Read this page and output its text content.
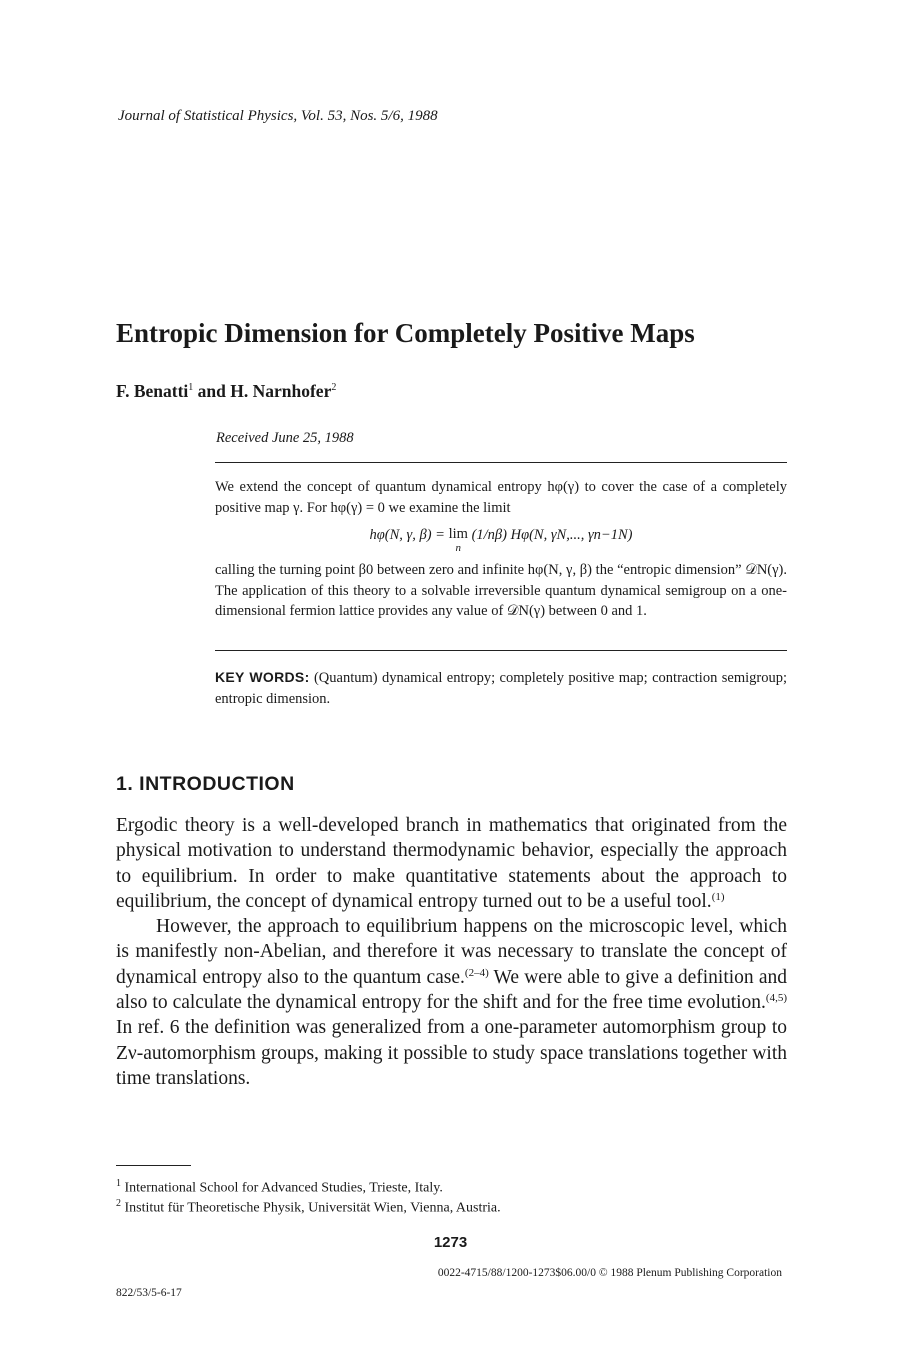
Journal of Statistical Physics, Vol. 53, Nos. 5/6, 1988
Entropic Dimension for Completely Positive Maps
F. Benatti$^1$ and H. Narnhofer$^2$
Received June 25, 1988

We extend the concept of quantum dynamical entropy hφ(γ) to cover the case of a completely positive map γ. For hφ(γ) = 0 we examine the limit

hφ(N, γ, β) = lim
n
(1/nβ) Hφ(N, γN,..., γn−1N)

calling the turning point β0 between zero and infinite hφ(N, γ, β) the “entropic dimension” 𝒟N(γ). The application of this theory to a solvable irreversible quantum dynamical semigroup on a one-dimensional fermion lattice provides any value of 𝒟N(γ) between 0 and 1.

KEY WORDS: (Quantum) dynamical entropy; completely positive map; contraction semigroup; entropic dimension.
1. INTRODUCTION

Ergodic theory is a well-developed branch in mathematics that originated from the physical motivation to understand thermodynamic behavior, especially the approach to equilibrium. In order to make quantitative statements about the approach to equilibrium, the concept of dynamical entropy turned out to be a useful tool.$^{(1)}$

However, the approach to equilibrium happens on the microscopic level, which is manifestly non-Abelian, and therefore it was necessary to translate the concept of dynamical entropy also to the quantum case.$^{(2-4)}$ We were able to give a definition and also to calculate the dynamical entropy for the shift and for the free time evolution.$^{(4,5)}$ In ref. 6 the definition was generalized from a one-parameter automorphism group to Zν-automorphism groups, making it possible to study space translations together with time translations.

$^1$ International School for Advanced Studies, Trieste, Italy.
$^2$ Institut für Theoretische Physik, Universität Wien, Vienna, Austria.
1273
0022-4715/88/1200-1273$06.00/0 © 1988 Plenum Publishing Corporation
822/53/5-6-17
